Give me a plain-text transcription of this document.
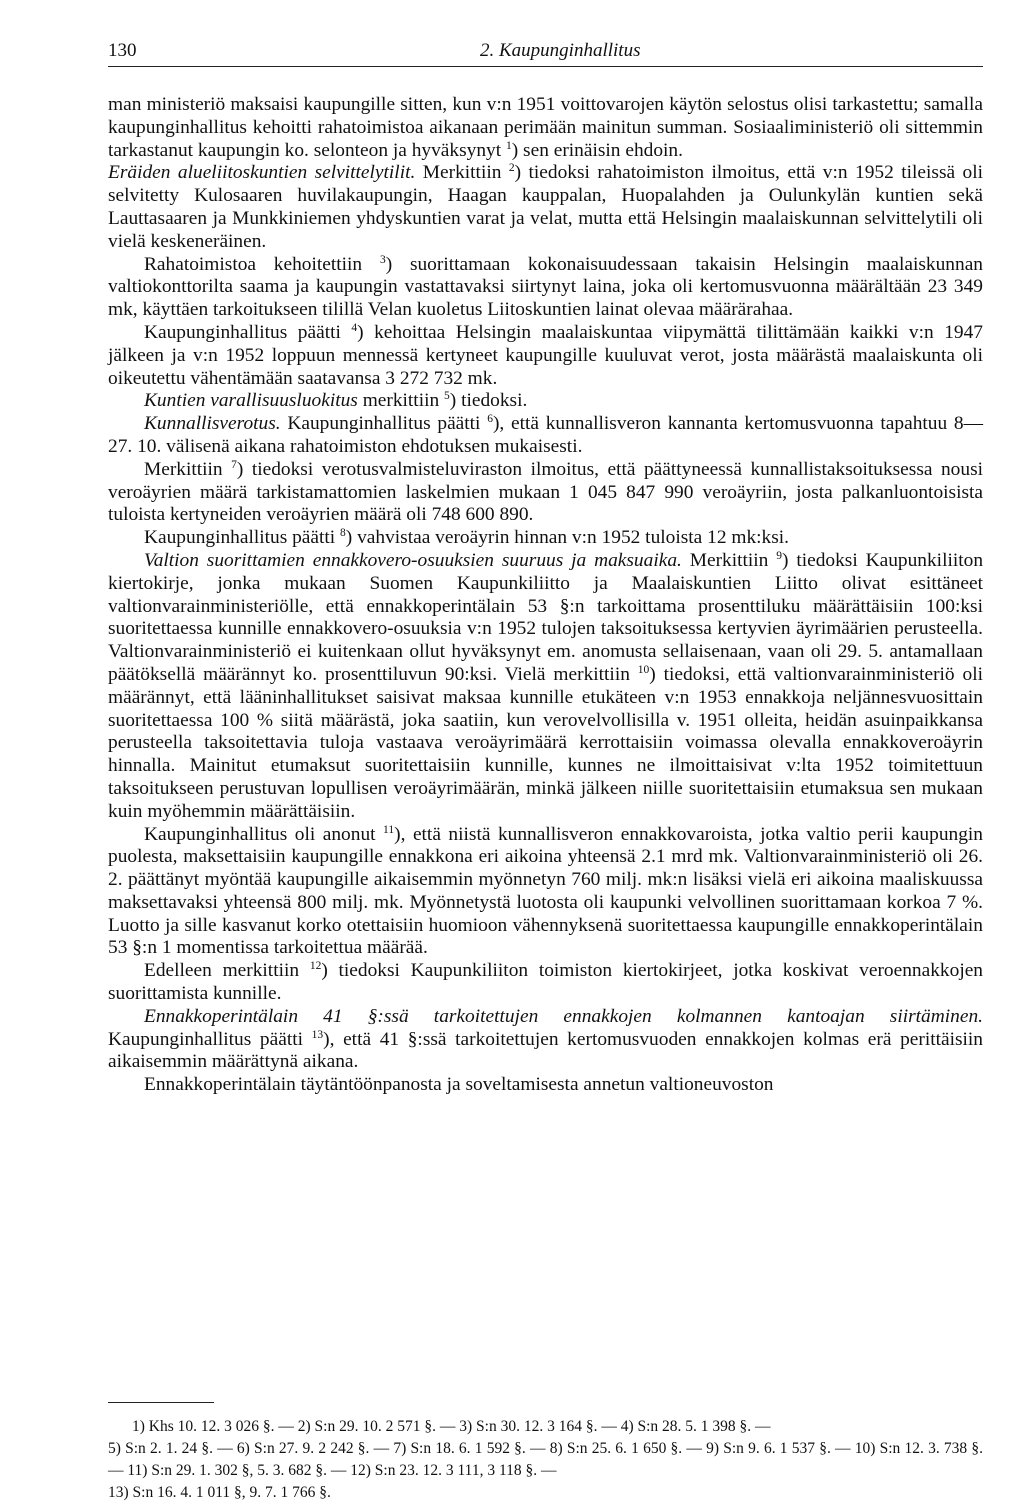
130	2. Kaupunginhallitus

man ministeriö maksaisi kaupungille sitten, kun v:n 1951 voittovarojen käytön selostus olisi tarkastettu; samalla kaupunginhallitus kehoitti rahatoimistoa aikanaan perimään mainitun summan. Sosiaaliministeriö oli sittemmin tarkastanut kaupungin ko. selonteon ja hyväksynyt $^1$) sen erinäisin ehdoin.

Eräiden alueliitoskuntien selvittelytilit. Merkittiin $^2$) tiedoksi rahatoimiston ilmoitus, että v:n 1952 tileissä oli selvitetty Kulosaaren huvilakaupungin, Haagan kauppalan, Huopalahden ja Oulunkylän kuntien sekä Lauttasaaren ja Munkkiniemen yhdyskuntien varat ja velat, mutta että Helsingin maalaiskunnan selvittelytili oli vielä keskeneräinen.

Rahatoimistoa kehoitettiin $^3$) suorittamaan kokonaisuudessaan takaisin Helsingin maalaiskunnan valtiokonttorilta saama ja kaupungin vastattavaksi siirtynyt laina, joka oli kertomusvuonna määrältään 23 349 mk, käyttäen tarkoitukseen tilillä Velan kuoletus Liitoskuntien lainat olevaa määrärahaa.

Kaupunginhallitus päätti $^4$) kehoittaa Helsingin maalaiskuntaa viipymättä tilittämään kaikki v:n 1947 jälkeen ja v:n 1952 loppuun mennessä kertyneet kaupungille kuuluvat verot, josta määrästä maalaiskunta oli oikeutettu vähentämään saatavansa 3 272 732 mk.

Kuntien varallisuusluokitus merkittiin $^5$) tiedoksi.

Kunnallisverotus. Kaupunginhallitus päätti $^6$), että kunnallisveron kannanta kertomusvuonna tapahtuu 8—27. 10. välisenä aikana rahatoimiston ehdotuksen mukaisesti.

Merkittiin $^7$) tiedoksi verotusvalmisteluviraston ilmoitus, että päättyneessä kunnallistaksoituksessa nousi veroäyrien määrä tarkistamattomien laskelmien mukaan 1 045 847 990 veroäyriin, josta palkanluontoisista tuloista kertyneiden veroäyrien määrä oli 748 600 890.

Kaupunginhallitus päätti $^8$) vahvistaa veroäyrin hinnan v:n 1952 tuloista 12 mk:ksi.

Valtion suorittamien ennakkovero-osuuksien suuruus ja maksuaika. Merkittiin $^9$) tiedoksi Kaupunkiliiton kiertokirje, jonka mukaan Suomen Kaupunkiliitto ja Maalaiskuntien Liitto olivat esittäneet valtionvarainministeriölle, että ennakkoperintälain 53 §:n tarkoittama prosenttiluku määrättäisiin 100:ksi suoritettaessa kunnille ennakkovero-osuuksia v:n 1952 tulojen taksoituksessa kertyvien äyrimäärien perusteella. Valtionvarainministeriö ei kuitenkaan ollut hyväksynyt em. anomusta sellaisenaan, vaan oli 29. 5. antamallaan päätöksellä määrännyt ko. prosenttiluvun 90:ksi. Vielä merkittiin $^{10}$) tiedoksi, että valtionvarainministeriö oli määrännyt, että lääninhallitukset saisivat maksaa kunnille etukäteen v:n 1953 ennakkoja neljännesvuosittain suoritettaessa 100 % siitä määrästä, joka saatiin, kun verovelvollisilla v. 1951 olleita, heidän asuinpaikkansa perusteella taksoitettavia tuloja vastaava veroäyrimäärä kerrottaisiin voimassa olevalla ennakkoveroäyrin hinnalla. Mainitut etumaksut suoritettaisiin kunnille, kunnes ne ilmoittaisivat v:lta 1952 toimitettuun taksoitukseen perustuvan lopullisen veroäyrimäärän, minkä jälkeen niille suoritettaisiin etumaksua sen mukaan kuin myöhemmin määrättäisiin.

Kaupunginhallitus oli anonut $^{11}$), että niistä kunnallisveron ennakkovaroista, jotka valtio perii kaupungin puolesta, maksettaisiin kaupungille ennakkona eri aikoina yhteensä 2.1 mrd mk. Valtionvarainministeriö oli 26. 2. päättänyt myöntää kaupungille aikaisemmin myönnetyn 760 milj. mk:n lisäksi vielä eri aikoina maaliskuussa maksettavaksi yhteensä 800 milj. mk. Myönnetystä luotosta oli kaupunki velvollinen suorittamaan korkoa 7 %. Luotto ja sille kasvanut korko otettaisiin huomioon vähennyksenä suoritettaessa kaupungille ennakkoperintälain 53 §:n 1 momentissa tarkoitettua määrää.

Edelleen merkittiin $^{12}$) tiedoksi Kaupunkiliiton toimiston kiertokirjeet, jotka koskivat veroennakkojen suorittamista kunnille.

Ennakkoperintälain 41 §:ssä tarkoitettujen ennakkojen kolmannen kantoajan siirtäminen. Kaupunginhallitus päätti $^{13}$), että 41 §:ssä tarkoitettujen kertomusvuoden ennakkojen kolmas erä perittäisiin aikaisemmin määrättynä aikana.

Ennakkoperintälain täytäntöönpanosta ja soveltamisesta annetun valtioneuvoston

1) Khs 10. 12. 3 026 §. — 2) S:n 29. 10. 2 571 §. — 3) S:n 30. 12. 3 164 §. — 4) S:n 28. 5. 1 398 §. —

5) S:n 2. 1. 24 §. — 6) S:n 27. 9. 2 242 §. — 7) S:n 18. 6. 1 592 §. — 8) S:n 25. 6. 1 650 §. — 9) S:n 9. 6. 1 537 §. — 10) S:n 12. 3. 738 §. — 11) S:n 29. 1. 302 §, 5. 3. 682 §. — 12) S:n 23. 12. 3 111, 3 118 §. —

13) S:n 16. 4. 1 011 §, 9. 7. 1 766 §.
